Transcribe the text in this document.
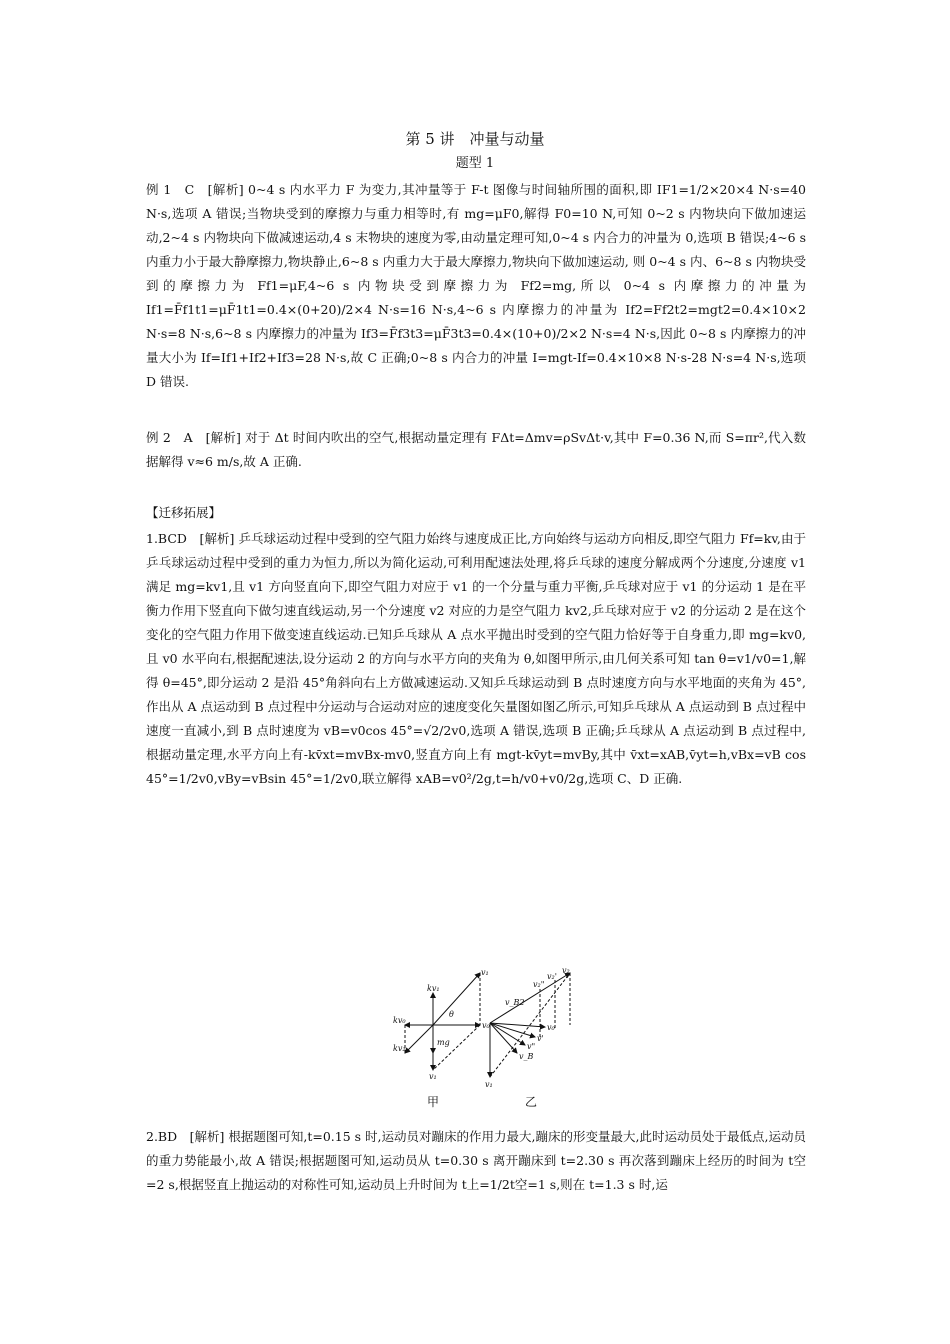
第 5 讲　冲量与动量
题型 1
例 1　C　[解析] 0~4 s 内水平力 F 为变力,其冲量等于 F-t 图像与时间轴所围的面积,即 IF1=1/2×20×4 N·s=40 N·s,选项 A 错误;当物块受到的摩擦力与重力相等时,有 mg=μF0,解得 F0=10 N,可知 0~2 s 内物块向下做加速运动,2~4 s 内物块向下做减速运动,4 s 末物块的速度为零,由动量定理可知,0~4 s 内合力的冲量为 0,选项 B 错误;4~6 s 内重力小于最大静摩擦力,物块静止,6~8 s 内重力大于最大摩擦力,物块向下做加速运动, 则 0~4 s 内、6~8 s 内物块受到的摩擦力为 Ff1=μF,4~6 s 内物块受到摩擦力为 Ff2=mg,所以 0~4 s 内摩擦力的冲量为 If1=F̄f1t1=μF̄1t1=0.4×(0+20)/2×4 N·s=16 N·s,4~6 s 内摩擦力的冲量为 If2=Ff2t2=mgt2=0.4×10×2 N·s=8 N·s,6~8 s 内摩擦力的冲量为 If3=F̄f3t3=μF̄3t3=0.4×(10+0)/2×2 N·s=4 N·s,因此 0~8 s 内摩擦力的冲量大小为 If=If1+If2+If3=28 N·s,故 C 正确;0~8 s 内合力的冲量 I=mgt-If=0.4×10×8 N·s-28 N·s=4 N·s,选项 D 错误.
例 2　A　[解析] 对于 Δt 时间内吹出的空气,根据动量定理有 FΔt=Δmv=ρSvΔt·v,其中 F=0.36 N,而 S=πr²,代入数据解得 v≈6 m/s,故 A 正确.
【迁移拓展】
1.BCD　[解析] 乒乓球运动过程中受到的空气阻力始终与速度成正比,方向始终与运动方向相反,即空气阻力 Ff=kv,由于乒乓球运动过程中受到的重力为恒力,所以为简化运动,可利用配速法处理,将乒乓球的速度分解成两个分速度,分速度 v1 满足 mg=kv1,且 v1 方向竖直向下,即空气阻力对应于 v1 的一个分量与重力平衡,乒乓球对应于 v1 的分运动 1 是在平衡力作用下竖直向下做匀速直线运动,另一个分速度 v2 对应的力是空气阻力 kv2,乒乓球对应于 v2 的分运动 2 是在这个变化的空气阻力作用下做变速直线运动.已知乒乓球从 A 点水平抛出时受到的空气阻力恰好等于自身重力,即 mg=kv0,且 v0 水平向右,根据配速法,设分运动 2 的方向与水平方向的夹角为 θ,如图甲所示,由几何关系可知 tan θ=v1/v0=1,解得 θ=45°,即分运动 2 是沿 45°角斜向右上方做减速运动.又知乒乓球运动到 B 点时速度方向与水平地面的夹角为 45°,作出从 A 点运动到 B 点过程中分运动与合运动对应的速度变化矢量图如图乙所示,可知乒乓球从 A 点运动到 B 点过程中速度一直减小,到 B 点时速度为 vB=v0cos 45°=√2/2v0,选项 A 错误,选项 B 正确;乒乓球从 A 点运动到 B 点过程中,根据动量定理,水平方向上有-kv̄xt=mvBx-mv0,竖直方向上有 mgt-kv̄yt=mvBy,其中 v̄xt=xAB,v̄yt=h,vBx=vB cos 45°=1/2v0,vBy=vBsin 45°=1/2v0,联立解得 xAB=v0²/2g,t=h/v0+v0/2g,选项 C、D 正确.
kv₁
v₁
kv₀
θ
v₀
mg
kv₂
v₁
v₂
v₂'
v₂"
v_B2
v₀
v'
v"
v_B
v₁
甲	乙
2.BD　[解析] 根据题图可知,t=0.15 s 时,运动员对蹦床的作用力最大,蹦床的形变量最大,此时运动员处于最低点,运动员的重力势能最小,故 A 错误;根据题图可知,运动员从 t=0.30 s 离开蹦床到 t=2.30 s 再次落到蹦床上经历的时间为 t空=2 s,根据竖直上抛运动的对称性可知,运动员上升时间为 t上=1/2t空=1 s,则在 t=1.3 s 时,运
